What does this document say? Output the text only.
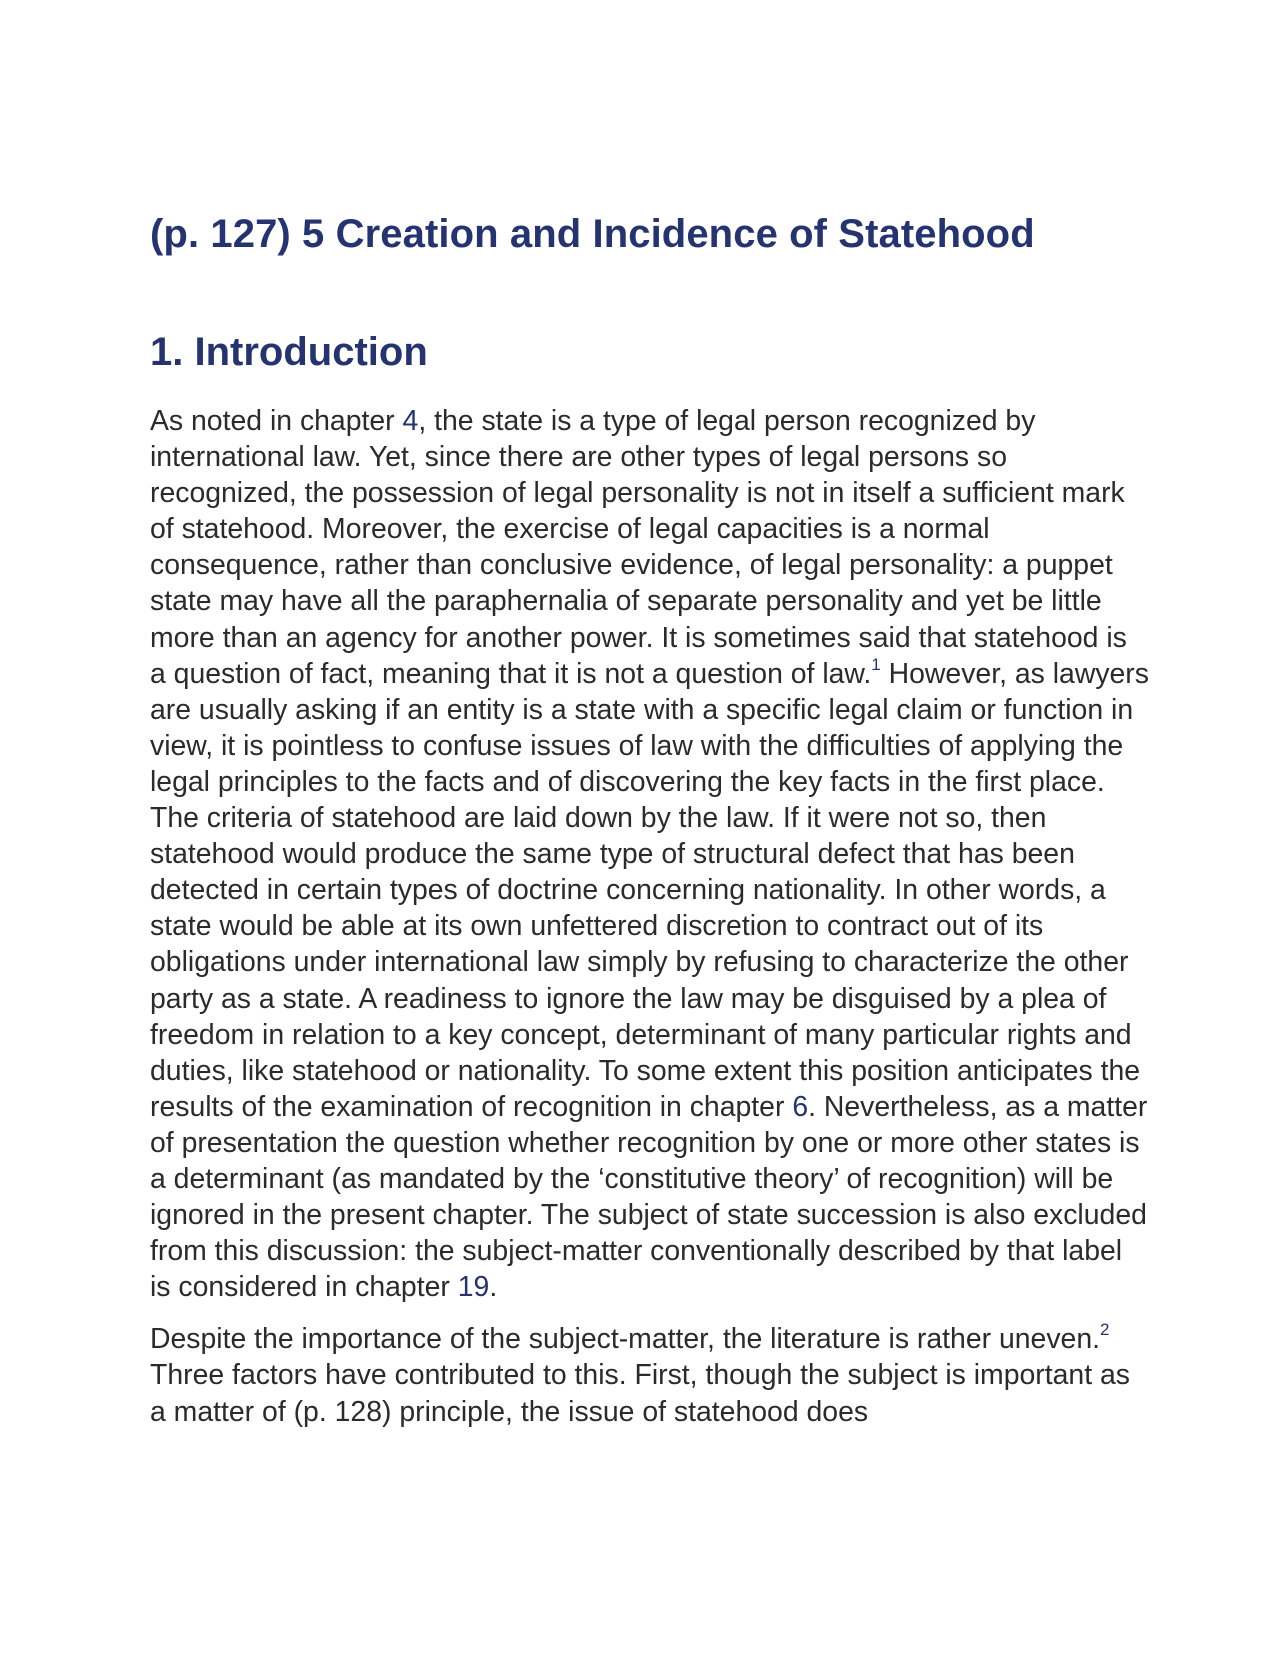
(p. 127) 5 Creation and Incidence of Statehood
1. Introduction

As noted in chapter 4, the state is a type of legal person recognized by international law. Yet, since there are other types of legal persons so recognized, the possession of legal personality is not in itself a sufficient mark of statehood. Moreover, the exercise of legal capacities is a normal consequence, rather than conclusive evidence, of legal personality: a puppet state may have all the paraphernalia of separate personality and yet be little more than an agency for another power. It is sometimes said that statehood is a question of fact, meaning that it is not a question of law.$^1$ However, as lawyers are usually asking if an entity is a state with a specific legal claim or function in view, it is pointless to confuse issues of law with the difficulties of applying the legal principles to the facts and of discovering the key facts in the first place. The criteria of statehood are laid down by the law. If it were not so, then statehood would produce the same type of structural defect that has been detected in certain types of doctrine concerning nationality. In other words, a state would be able at its own unfettered discretion to contract out of its obligations under international law simply by refusing to characterize the other party as a state. A readiness to ignore the law may be disguised by a plea of freedom in relation to a key concept, determinant of many particular rights and duties, like statehood or nationality. To some extent this position anticipates the results of the examination of recognition in chapter 6. Nevertheless, as a matter of presentation the question whether recognition by one or more other states is a determinant (as mandated by the ‘constitutive theory’ of recognition) will be ignored in the present chapter. The subject of state succession is also excluded from this discussion: the subject-matter conventionally described by that label is considered in chapter 19.

Despite the importance of the subject-matter, the literature is rather uneven.$^2$ Three factors have contributed to this. First, though the subject is important as a matter of (p. 128) principle, the issue of statehood does
